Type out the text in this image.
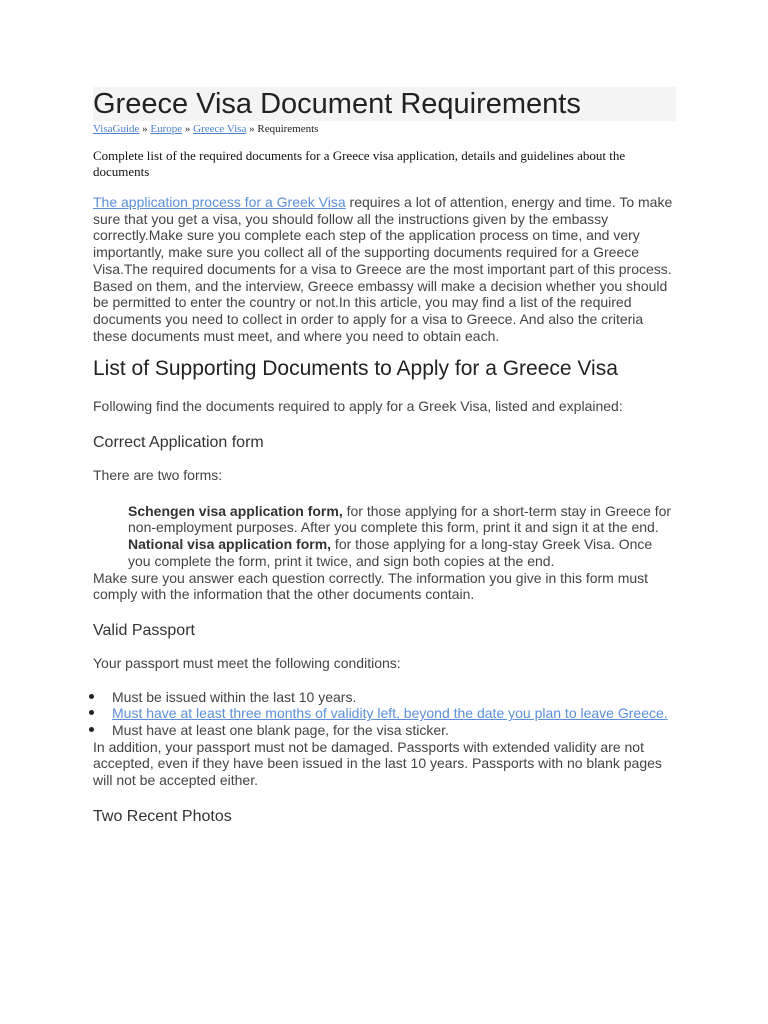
Greece Visa Document Requirements
VisaGuide » Europe » Greece Visa » Requirements

Complete list of the required documents for a Greece visa application, details and guidelines about the documents

The application process for a Greek Visa requires a lot of attention, energy and time. To make sure that you get a visa, you should follow all the instructions given by the embassy correctly.Make sure you complete each step of the application process on time, and very importantly, make sure you collect all of the supporting documents required for a Greece Visa.The required documents for a visa to Greece are the most important part of this process. Based on them, and the interview, Greece embassy will make a decision whether you should be permitted to enter the country or not.In this article, you may find a list of the required documents you need to collect in order to apply for a visa to Greece. And also the criteria these documents must meet, and where you need to obtain each.

List of Supporting Documents to Apply for a Greece Visa

Following find the documents required to apply for a Greek Visa, listed and explained:

Correct Application form

There are two forms:

Schengen visa application form, for those applying for a short-term stay in Greece for non-employment purposes. After you complete this form, print it and sign it at the end.
National visa application form, for those applying for a long-stay Greek Visa. Once you complete the form, print it twice, and sign both copies at the end.

Make sure you answer each question correctly. The information you give in this form must comply with the information that the other documents contain.

Valid Passport

Your passport must meet the following conditions:

Must be issued within the last 10 years.
Must have at least three months of validity left, beyond the date you plan to leave Greece.
Must have at least one blank page, for the visa sticker.

In addition, your passport must not be damaged. Passports with extended validity are not accepted, even if they have been issued in the last 10 years. Passports with no blank pages will not be accepted either.

Two Recent Photos
